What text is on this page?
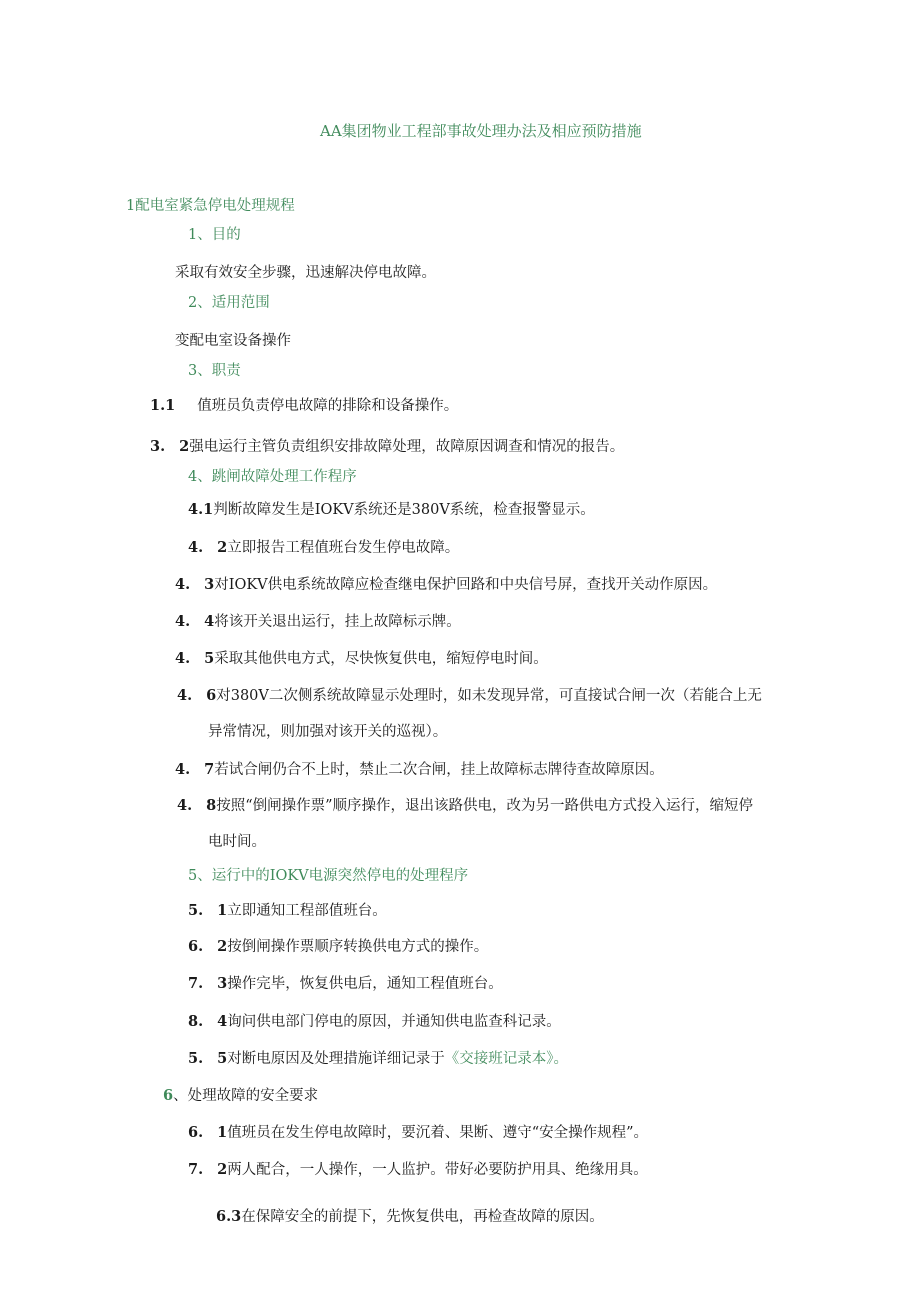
AA集团物业工程部事故处理办法及相应预防措施
1配电室紧急停电处理规程
1、目的
采取有效安全步骤，迅速解决停电故障。
2、适用范围
变配电室设备操作
3、职责
1.1 值班员负责停电故障的排除和设备操作。
3. 2强电运行主管负责组织安排故障处理，故障原因调查和情况的报告。
4、跳闸故障处理工作程序
4.1判断故障发生是IOKV系统还是380V系统，检查报警显示。
4. 2立即报告工程值班台发生停电故障。
4. 3对IOKV供电系统故障应检查继电保护回路和中央信号屏，查找开关动作原因。
4. 4将该开关退出运行，挂上故障标示牌。
4. 5采取其他供电方式，尽快恢复供电，缩短停电时间。
4. 6对380V二次侧系统故障显示处理时，如未发现异常，可直接试合闸一次（若能合上无
异常情况，则加强对该开关的巡视）。
4. 7若试合闸仍合不上时，禁止二次合闸，挂上故障标志牌待查故障原因。
4. 8按照“倒闸操作票”顺序操作，退出该路供电，改为另一路供电方式投入运行，缩短停
电时间。
5、运行中的IOKV电源突然停电的处理程序
5. 1立即通知工程部值班台。
6. 2按倒闸操作票顺序转换供电方式的操作。
7. 3操作完毕，恢复供电后，通知工程值班台。
8. 4询问供电部门停电的原因，并通知供电监查科记录。
5. 5对断电原因及处理措施详细记录于《交接班记录本》。
6、处理故障的安全要求
6. 1值班员在发生停电故障时，要沉着、果断、遵守“安全操作规程”。
7. 2两人配合，一人操作，一人监护。带好必要防护用具、绝缘用具。
6.3在保障安全的前提下，先恢复供电，再检查故障的原因。
